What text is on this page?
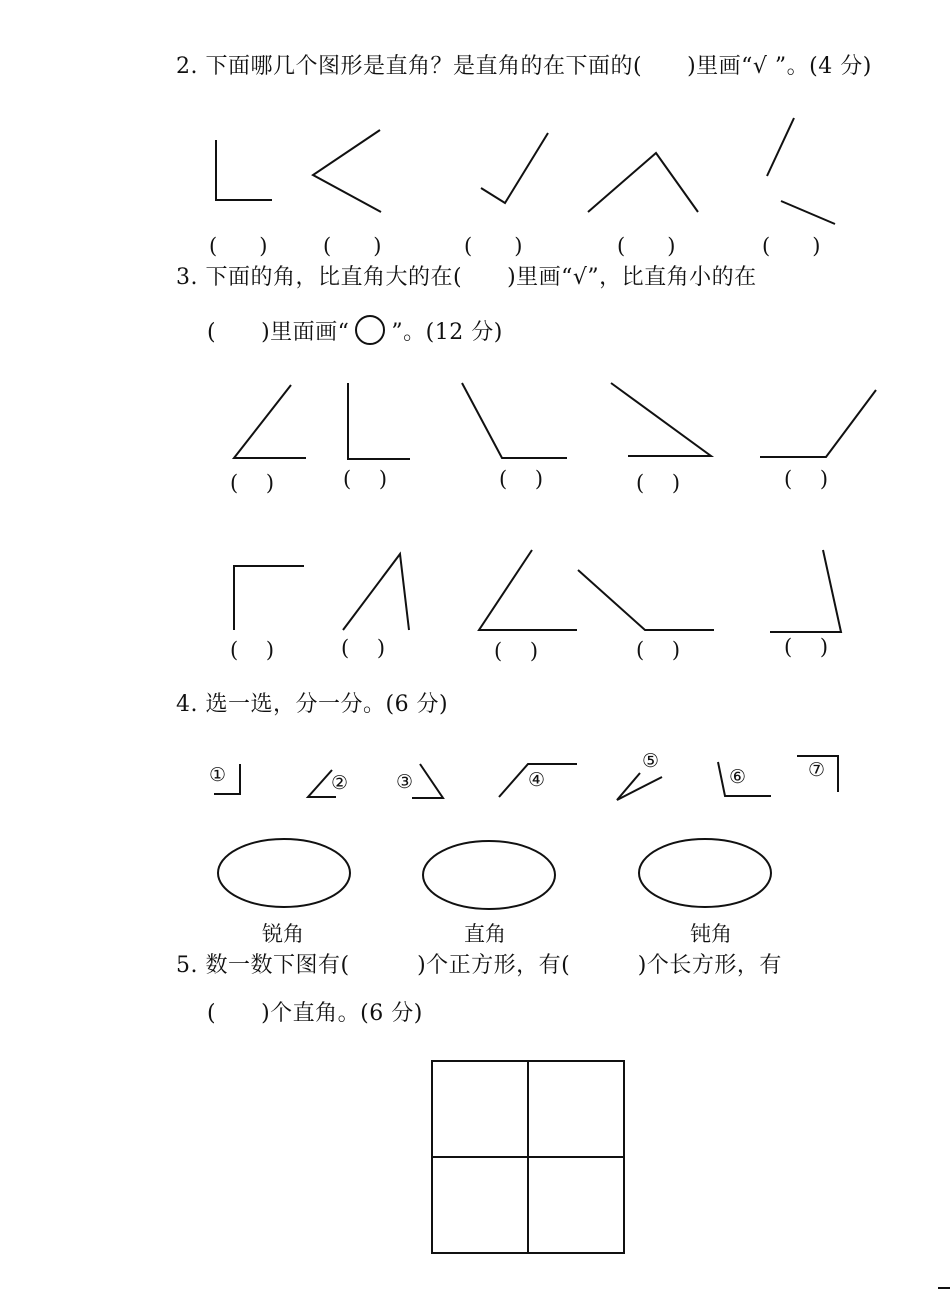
2. 下面哪几个图形是直角？是直角的在下面的(　　)里画“√ ”。(4 分)
(　　)	(　　)	(　　)	(　　)	(　　)
3. 下面的角，比直角大的在(　　)里画“√”，比直角小的在
(　　)里面画“ ”。(12 分)
(　 )	(　 )	(　 )	(　 )	(　 )
(　 )	(　 )	(　 )	(　 )	(　 )
4. 选一选，分一分。(6 分)
①	②	③	④
⑤
⑥	⑦
锐角	直角	钝角
5. 数一数下图有(　　　)个正方形，有(　　　)个长方形，有
(　　)个直角。(6 分)
